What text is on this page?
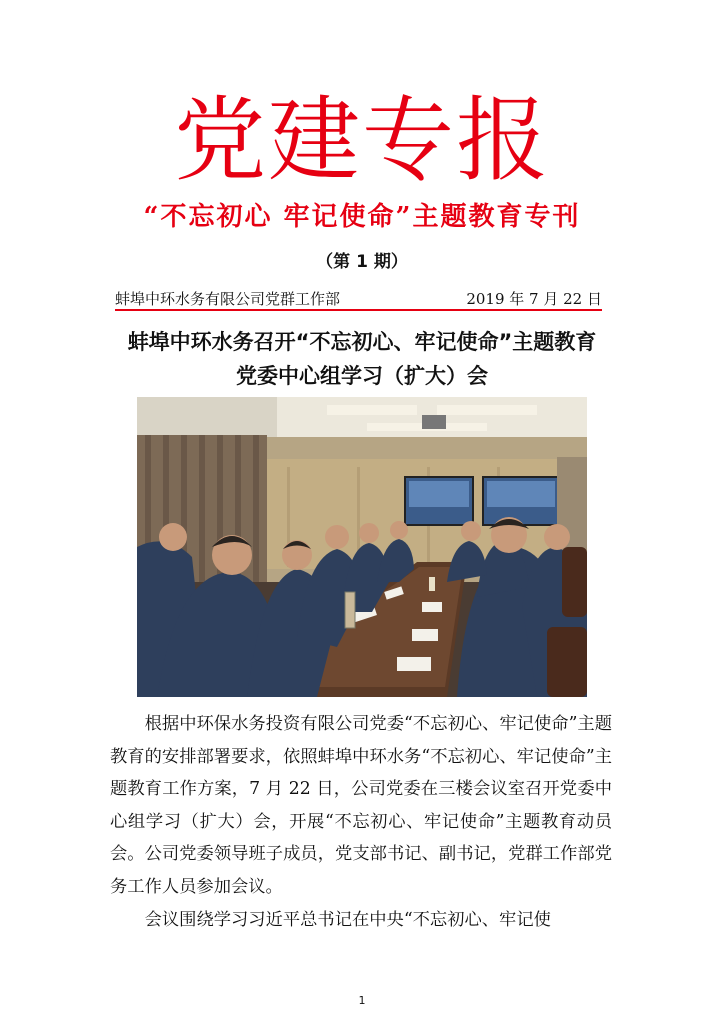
党建专报
“不忘初心 牢记使命”主题教育专刊
（第 1 期）
蚌埠中环水务有限公司党群工作部	2019 年 7 月 22 日
蚌埠中环水务召开“不忘初心、牢记使命”主题教育
党委中心组学习（扩大）会

根据中环保水务投资有限公司党委“不忘初心、牢记使命”主题教育的安排部署要求，依照蚌埠中环水务“不忘初心、牢记使命”主题教育工作方案，7 月 22 日，公司党委在三楼会议室召开党委中心组学习（扩大）会，开展“不忘初心、牢记使命”主题教育动员会。公司党委领导班子成员，党支部书记、副书记，党群工作部党务工作人员参加会议。

会议围绕学习习近平总书记在中央“不忘初心、牢记使

1
